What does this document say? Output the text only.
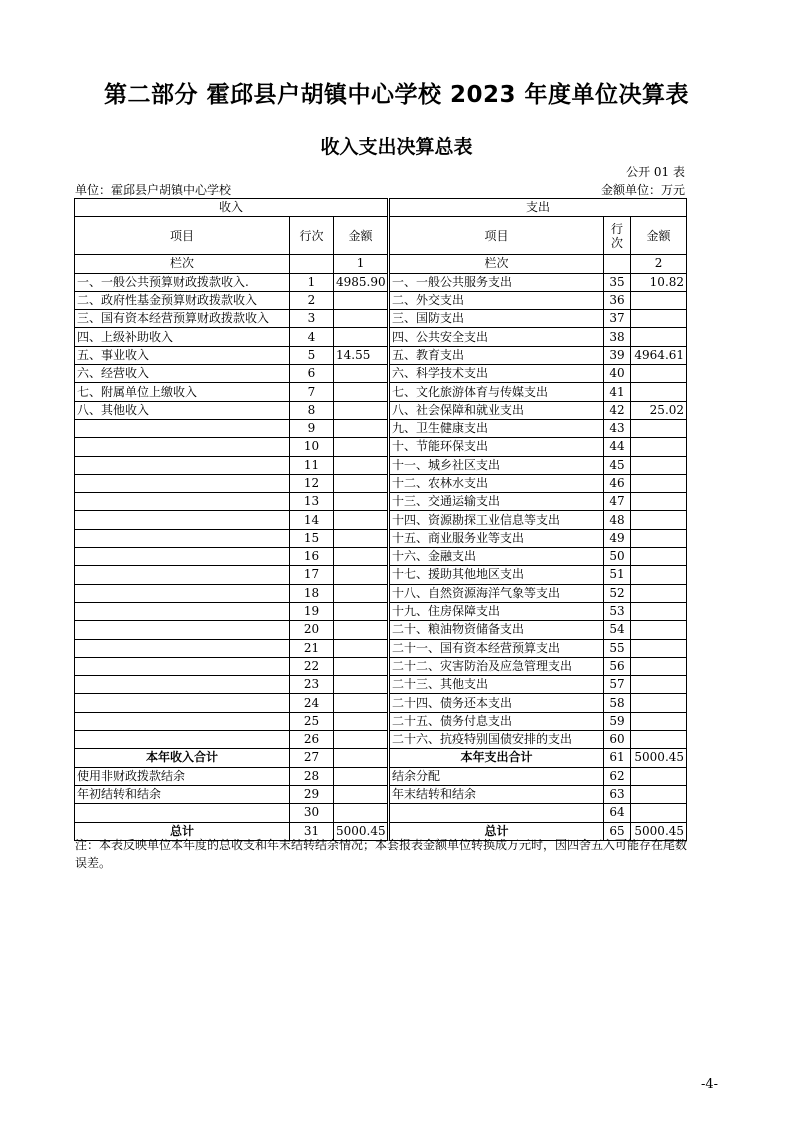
第二部分 霍邱县户胡镇中心学校 2023 年度单位决算表
收入支出决算总表
公开 01 表
单位：霍邱县户胡镇中心学校	金额单位：万元
收入			支出		
项目	行次	金额	项目	行次	金额
栏次		1	栏次		2
一、一般公共预算财政拨款收入.	1	4985.90	一、一般公共服务支出	35	10.82
二、政府性基金预算财政拨款收入	2		二、外交支出	36	
三、国有资本经营预算财政拨款收入	3		三、国防支出	37	
四、上级补助收入	4		四、公共安全支出	38	
五、事业收入	5	14.55	五、教育支出	39	4964.61
六、经营收入	6		六、科学技术支出	40	
七、附属单位上缴收入	7		七、文化旅游体育与传媒支出	41	
八、其他收入	8		八、社会保障和就业支出	42	25.02
	9		九、卫生健康支出	43	
	10		十、节能环保支出	44	
	11		十一、城乡社区支出	45	
	12		十二、农林水支出	46	
	13		十三、交通运输支出	47	
	14		十四、资源勘探工业信息等支出	48	
	15		十五、商业服务业等支出	49	
	16		十六、金融支出	50	
	17		十七、援助其他地区支出	51	
	18		十八、自然资源海洋气象等支出	52	
	19		十九、住房保障支出	53	
	20		二十、粮油物资储备支出	54	
	21		二十一、国有资本经营预算支出	55	
	22		二十二、灾害防治及应急管理支出	56	
	23		二十三、其他支出	57	
	24		二十四、债务还本支出	58	
	25		二十五、债务付息支出	59	
	26		二十六、抗疫特别国债安排的支出	60	
本年收入合计	27		本年支出合计	61	5000.45
使用非财政拨款结余	28		结余分配	62	
年初结转和结余	29		年末结转和结余	63	
	30			64	
总计	31	5000.45	总计	65	5000.45
注：本表反映单位本年度的总收支和年末结转结余情况；本套报表金额单位转换成万元时，因四舍五入可能存在尾数误差。
-4-
